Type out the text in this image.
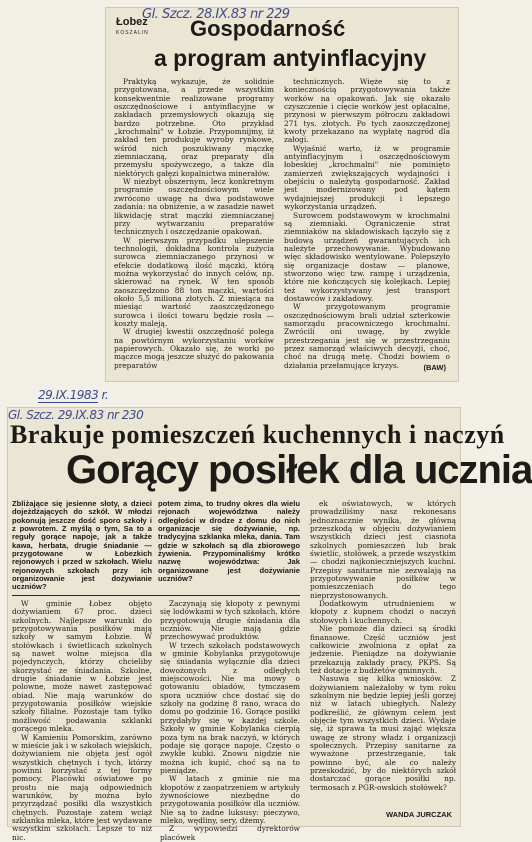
Gl. Szcz. 28.IX.83 nr 229
Łobez
KOSZALIN Gospodarność
a program antyinflacyjny
Praktyką wykazuje, że solidnie przygotowana, a przede wszystkim konsekwentnie realizowane programy oszczędnościowe i antyinflacyjne w zakładach przemysłowych okazują się bardzo potrzebne. Oto przykład „krochmalni" w Łobzie. Przypomnijmy, iż zakład ten produkuje wyroby rynkowe, wśród nich poszukiwany mączkę ziemniaczaną, oraz preparaty dla przemysłu spożywczego, a także dla niektórych gałęzi kopalnictwa minerałów.
W niezbyt obszernym, lecz konkretnym programie oszczędnościowym wiele zwrócono uwagę na dwa podstawowe zadania: na obniżenie, a w zasadzie nawet likwidację strat mączki ziemniaczanej przy wytwarzaniu preparatów technicznych i oszczędzanie opakowań.
W pierwszym przypadku ulepszenie technologii, dokładna kontrola zużycia surowca ziemniaczanego przynosi w efekcie dodatkową ilość mączki, którą można wykorzystać do innych celów, np. skierować na rynek. W ten sposób zaoszczędzono 88 ton mączki, wartości około 5,5 miliona złotych. Z miesiąca na miesiąc wartość zaoszczędzonego surowca i ilości towaru będzie rosła — koszty maleją.
W drugiej kwestii oszczędność polega na powtórnym wykorzystaniu worków papierowych. Okazało się, że worki po mączce mogą jeszcze służyć do pakowania preparatów
technicznych. Więże się to z koniecznością przygotowywania także worków na opakowań. Jak się okazało czyszczenie i cięcie worków jest opłacalne, przynosi w pierwszym półroczu zakładowi 271 tys. złotych. Po tych zaoszczędzonej kwoty przekazano na wypłatę nagród dla załogi.
Wyjaśnić warto, iż w programie antyinflacyjnym i oszczędnościowym łobeskiej „krochmalni" nie pominięto zamierzeń zwiększających wydajności i obejściu o należytą gospodarność. Zakład jest modernizowany pod kątem wydajniejszej produkcji i lepszego wykorzystania urządzeń.
Surowcem podstawowym w krochmalni są ziemniaki. Ograniczenie strat ziemniaków na składowiskach łączyło się z budową urządzeń gwarantujących ich należyte przechowywanie. Wybudowano więc składowisko wentylowane. Polepszyło się organizacje dostaw — planowe, stworzono więc tzw. rampę i urządzenia, które nie kończących się kolejkach. Lepiej też wykorzystywany jest transport dostawców i zakładowy.
W przygotowanym programie oszczędnościowym brali udział szterkowie samorządu pracowniczego krochmalni. Zwrócili oni uwagę, by zwykle przestrzegania jest się w przestrzeganiu przez samorząd właściwych decyzji, choć, choć na drugą metę. Chodzi bowiem o działania przełamujące kryzys.	(BAW)
29.IX.1983 r.
Gl. Szcz. 29.IX.83 nr 230
Brakuje pomieszczeń kuchennych i naczyń
Gorący posiłek dla ucznia
Zbliżające się jesienne słoty, a dzieci dojeżdżających do szkół. W młodzi pokonują jeszcze dość sporo szkoły i z powrotem. Z myślą o tym, Sa to a reguły gorące napoje, jak a także kawa, herbata, drugie śniadanie — przygotowane w Łobezkich rejonowych i przed w szkołach. Wielu rejonowych szkołach przy ich organizowanie jest dożywianie uczniów?
potem zima, to trudny okres dla wielu rejonach województwa należy odległości w drodze z domu do nich organizacje się dożywianie, np. tradycyjna szklanka mleka, dania. Tam gdzie w szkołach są dla zbiorowego żywienia. Przypominaliśmy krótko nazwę województwa: Jak organizowane jest dożywianie uczniów?
W gminie Łobez objęto dożywianiem 67 proc. dzieci szkolnych. Najlepsze warunki do przygotowywania posiłków mają szkoły w samym Łobzie. W stołówkach i świetlicach szkolnych są nawet wolne miejsca dla pojedynczych, którzy chcieliby skorzystać ze śniadania. Szkolne, drugie śniadanie w Łobzie jest polowne, może nawet zastępować obiad. Nie mają warunków do przygotowania posiłków wiejskie szkoły filialne. Pozostaje tam tylko możliwość podawania szklanki gorącego mleka.
W Kamieniu Pomorskim, zarówno w mieście jak i w szkołach wiejskich, dożywianiem nie objęta jest ogół wszystkich chętnych i tych, którzy powinni korzystać z tej formy pomocy. Placówki oświatowe po prostu nie mają odpowiednich warunków, by można było przyrządzać posiłki dla wszystkich chętnych. Pozostaje zatem wciąż szklanka mleka, które jest wydawane wszystkim szkołach. Lepsze to niż nic.
Zaczynają się kłopoty z pewnymi się lodówkami w tych szkołach, które przygotowują drugie śniadania dla uczniów. Nie mają gdzie przechowywać produktów.
W trzech szkołach podstawowych w gminie Kobylanka przygotowuje się śniadania wyłącznie dla dzieci dowożonych z odległych miejscowości. Nie ma mowy o gotowaniu obiadów, tymczasem spora uczniów chce dostać się do szkoły na godzinę 8 rano, wraca do domu po godzinie 16. Gorące posiłki przydałyby się w każdej szkole. Szkoły w gminie Kobylanka cierpią poza tym na brak naczyń, w których podaje się gorące napoje. Często o zwykłe kubki. Znowu nigdzie nie można ich kupić, choć są na to pieniądze.
W latach z gminie nie ma kłopotów z zaopatrzeniem w artykuły żywnościowe niezbędne do przygotowania posiłków dla uczniów. Nie są to żadne luksusy: pieczywo, mleko, wędliny, sery, dżemy.
Z wypowiedzi dyrektorów placówek
ek oświatowych, w których prowadziliśmy nasz rekonesans jednoznacznie wynika, że główną przeszkodą w objęciu dożywianiem wszystkich dzieci jest ciasnota szkolnych pomieszczeń lub brak świetlic, stołówek, a przede wszystkim — chodzi najkonieczniejszych kuchni. Przepisy sanitarne nie zezwalają na przygotowywanie posiłków w pomieszczeniach do tego nieprzystosowanych.
Dodatkowym utrudnieniem w kłopoty z kupnem chodzi o naczyń stołowych i kuchennych.
Nie pomoże dla dzieci są środki finansowe. Część uczniów jest całkowicie zwolniona z opłat za jedzenie. Pieniądze na dożywianie przekazują zakłady pracy, PKPS. Są też dotacje z budżetów gminnych.
Nasuwa się kilka wniosków. Z dożywianiem należałoby w tym roku szkolnym nie będzie lepiej jeśli gorzej niż w latach ubiegłych. Należy podkreślić, że głównym celem jest objęcie tym wszystkich dzieci. Wydaje się, iż sprawa ta musi zająć większa uwagę ze strony władz i organizacji społecznych. Przepisy sanitarne za wyważone przestrzeganie, tak powinno być, ale co należy przeskodzić, by do niektórych szkół dostarczać gorące posiłki np. termosach z PGR-owskich stołówek?
WANDA JURCZAK
